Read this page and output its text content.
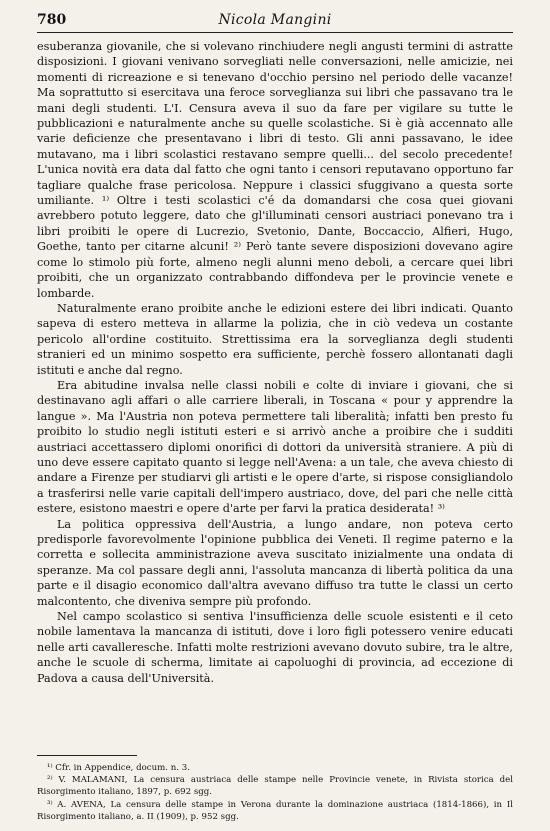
780	Nicola Mangini

esuberanza giovanile, che si volevano rinchiudere negli angusti termini di astratte disposizioni. I giovani venivano sorvegliati nelle conversazioni, nelle amicizie, nei momenti di ricreazione e si tenevano d'occhio persino nel periodo delle vacanze! Ma soprattutto si esercitava una feroce sorveglianza sui libri che passavano tra le mani degli studenti. L'I. Censura aveva il suo da fare per vigilare su tutte le pubblicazioni e naturalmente anche su quelle scolastiche. Si è già accennato alle varie deficienze che presentavano i libri di testo. Gli anni passavano, le idee mutavano, ma i libri scolastici restavano sempre quelli... del secolo precedente! L'unica novità era data dal fatto che ogni tanto i censori reputavano opportuno far tagliare qualche frase pericolosa. Neppure i classici sfuggivano a questa sorte umiliante. ¹⁾ Oltre i testi scolastici c'é da domandarsi che cosa quei giovani avrebbero potuto leggere, dato che gl'illuminati censori austriaci ponevano tra i libri proibiti le opere di Lucrezio, Svetonio, Dante, Boccaccio, Alfieri, Hugo, Goethe, tanto per citarne alcuni! ²⁾ Però tante severe disposizioni dovevano agire come lo stimolo più forte, almeno negli alunni meno deboli, a cercare quei libri proibiti, che un organizzato contrabbando diffondeva per le provincie venete e lombarde.

Naturalmente erano proibite anche le edizioni estere dei libri indicati. Quanto sapeva di estero metteva in allarme la polizia, che in ciò vedeva un costante pericolo all'ordine costituito. Strettissima era la sorveglianza degli studenti stranieri ed un minimo sospetto era sufficiente, perchè fossero allontanati dagli istituti e anche dal regno.

Era abitudine invalsa nelle classi nobili e colte di inviare i giovani, che si destinavano agli affari o alle carriere liberali, in Toscana « pour y apprendre la langue ». Ma l'Austria non poteva permettere tali liberalità; infatti ben presto fu proibito lo studio negli istituti esteri e si arrivò anche a proibire che i sudditi austriaci accettassero diplomi onorifici di dottori da università straniere. A più di uno deve essere capitato quanto si legge nell'Avena: a un tale, che aveva chiesto di andare a Firenze per studiarvi gli artisti e le opere d'arte, si rispose consigliandolo a trasferirsi nelle varie capitali dell'impero austriaco, dove, del pari che nelle città estere, esistono maestri e opere d'arte per farvi la pratica desiderata! ³⁾

La politica oppressiva dell'Austria, a lungo andare, non poteva certo predisporle favorevolmente l'opinione pubblica dei Veneti. Il regime paterno e la corretta e sollecita amministrazione aveva suscitato inizialmente una ondata di speranze. Ma col passare degli anni, l'assoluta mancanza di libertà politica da una parte e il disagio economico dall'altra avevano diffuso tra tutte le classi un certo malcontento, che diveniva sempre più profondo.

Nel campo scolastico si sentiva l'insufficienza delle scuole esistenti e il ceto nobile lamentava la mancanza di istituti, dove i loro figli potessero venire educati nelle arti cavalleresche. Infatti molte restrizioni avevano dovuto subire, tra le altre, anche le scuole di scherma, limitate ai capoluoghi di provincia, ad eccezione di Padova a causa dell'Università.

¹⁾ Cfr. in Appendice, docum. n. 3.

²⁾ V. MALAMANI, La censura austriaca delle stampe nelle Provincie venete, in Rivista storica del Risorgimento italiano, 1897, p. 692 sgg.

³⁾ A. AVENA, La censura delle stampe in Verona durante la dominazione austriaca (1814-1866), in Il Risorgimento italiano, a. II (1909), p. 952 sgg.
